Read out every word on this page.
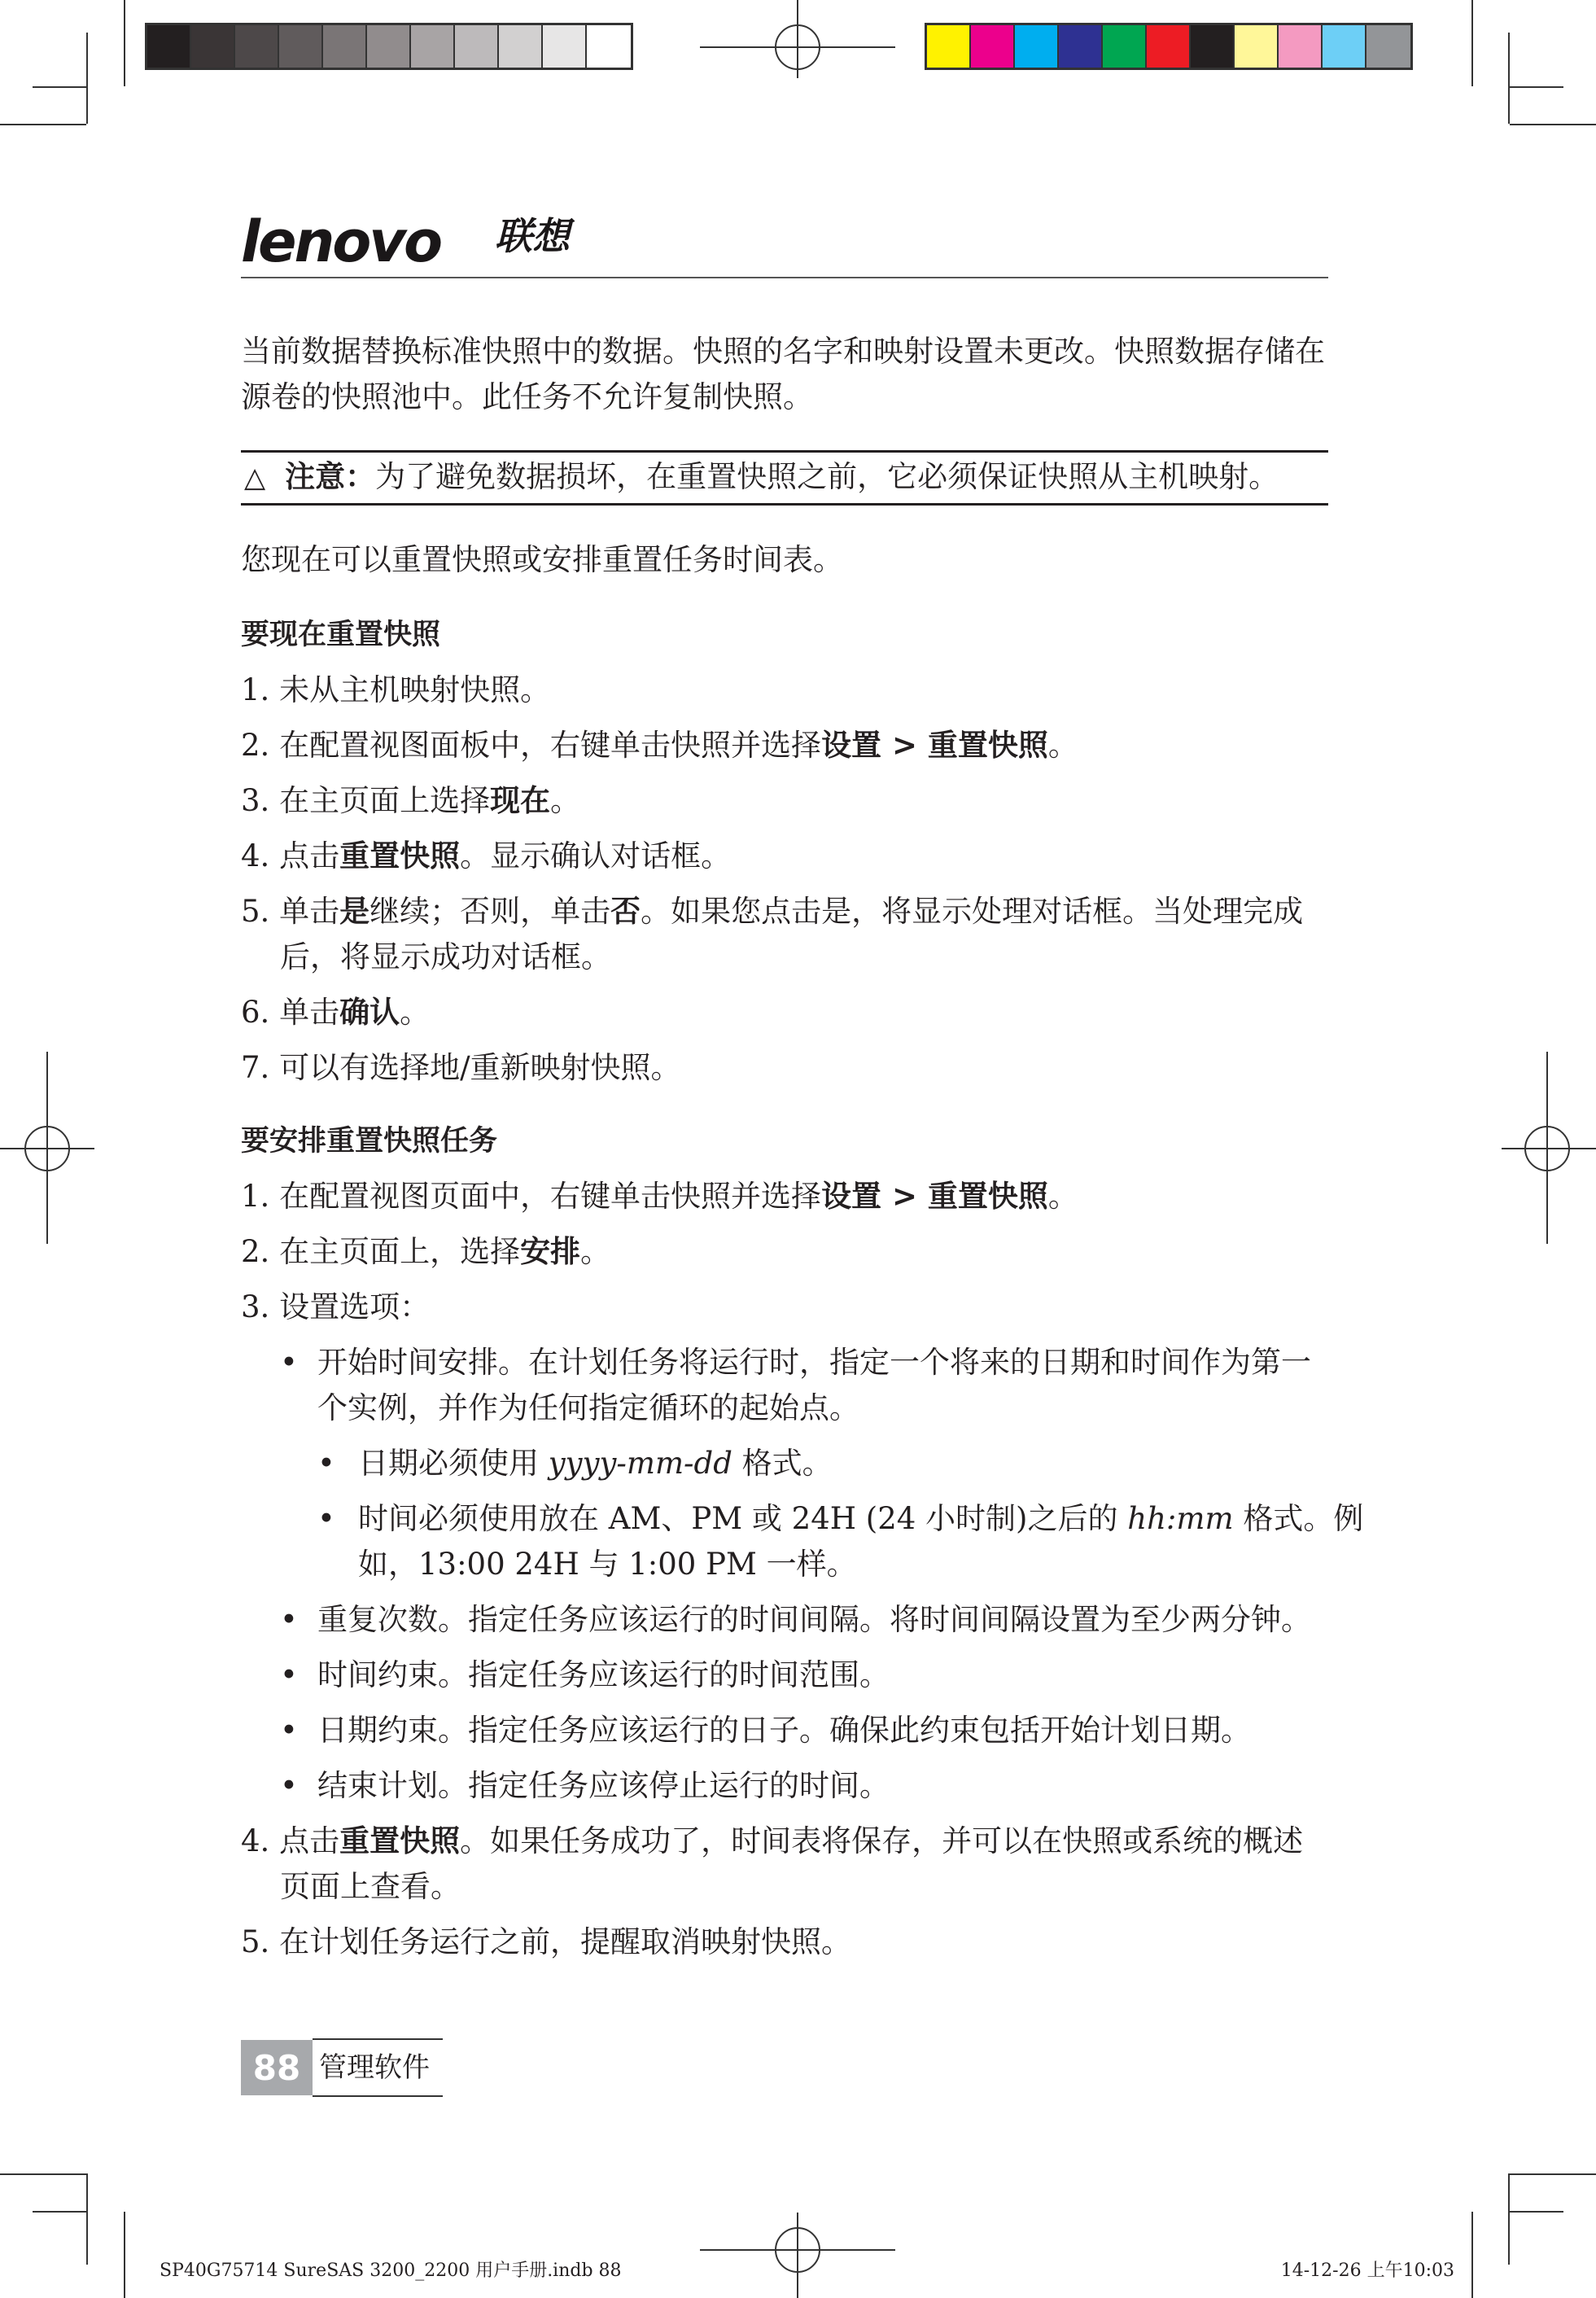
lenovo 联想
当前数据替换标准快照中的数据。快照的名字和映射设置未更改。快照数据存储在源卷的快照池中。此任务不允许复制快照。
△ 注意：为了避免数据损坏，在重置快照之前，它必须保证快照从主机映射。
您现在可以重置快照或安排重置任务时间表。
要现在重置快照
1. 未从主机映射快照。
2. 在配置视图面板中，右键单击快照并选择设置 > 重置快照。
3. 在主页面上选择现在。
4. 点击重置快照。显示确认对话框。
5. 单击是继续；否则，单击否。如果您点击是，将显示处理对话框。当处理完成
后，将显示成功对话框。
6. 单击确认。
7. 可以有选择地/重新映射快照。
要安排重置快照任务
1. 在配置视图页面中，右键单击快照并选择设置 > 重置快照。
2. 在主页面上，选择安排。
3. 设置选项：
• 开始时间安排。在计划任务将运行时，指定一个将来的日期和时间作为第一
个实例，并作为任何指定循环的起始点。
• 日期必须使用 yyyy-mm-dd 格式。
• 时间必须使用放在 AM、PM 或 24H (24 小时制)之后的 hh:mm 格式。例
如，13:00 24H 与 1:00 PM 一样。
• 重复次数。指定任务应该运行的时间间隔。将时间间隔设置为至少两分钟。
• 时间约束。指定任务应该运行的时间范围。
• 日期约束。指定任务应该运行的日子。确保此约束包括开始计划日期。
• 结束计划。指定任务应该停止运行的时间。
4. 点击重置快照。如果任务成功了，时间表将保存，并可以在快照或系统的概述
页面上查看。
5. 在计划任务运行之前，提醒取消映射快照。
88 管理软件
SP40G75714 SureSAS 3200_2200 用户手册.indb 88	14-12-26 上午10:03
